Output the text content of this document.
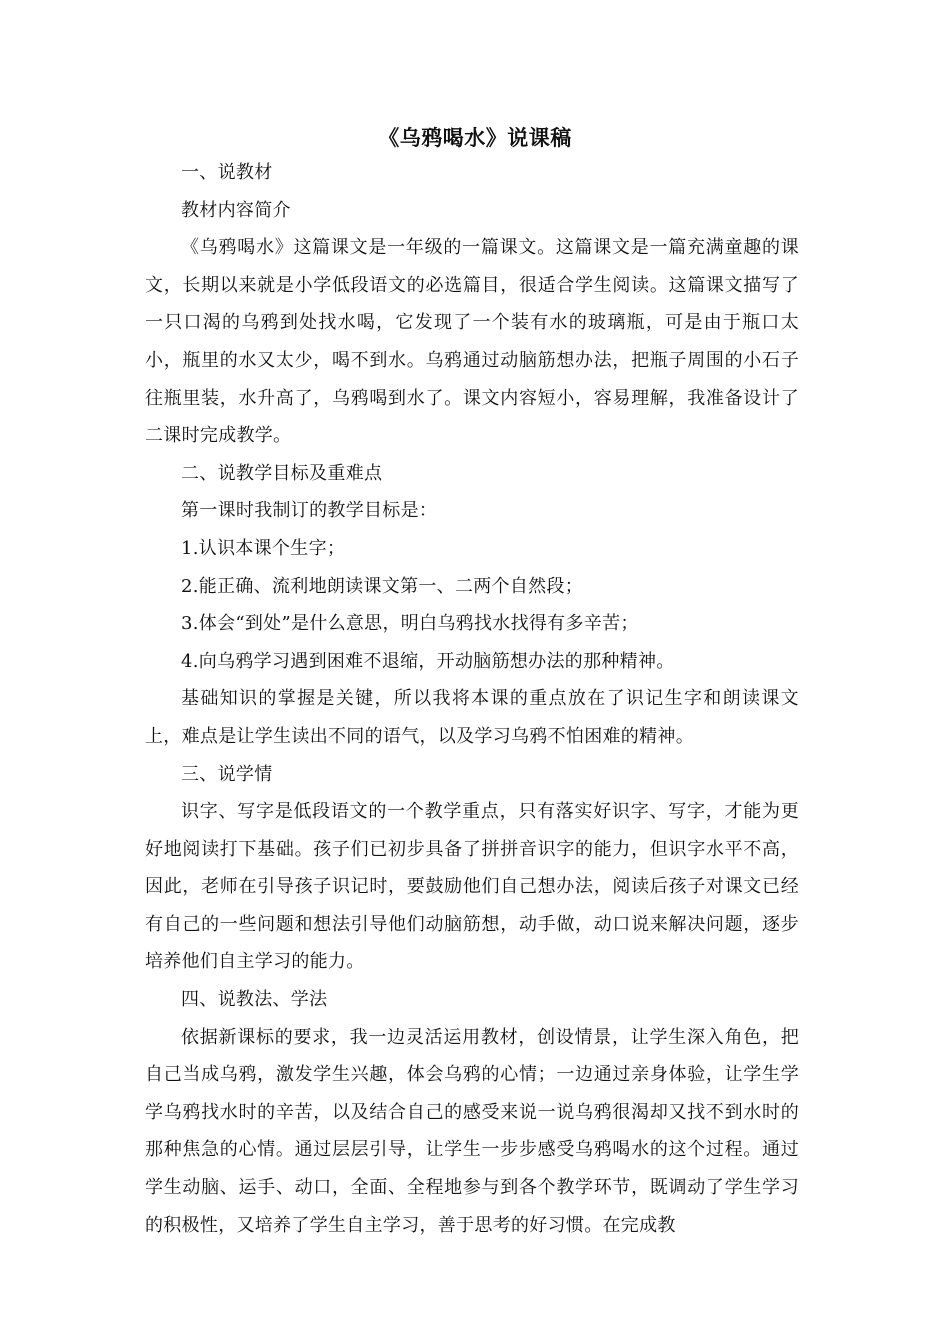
《乌鸦喝水》说课稿

一、说教材

教材内容简介

《乌鸦喝水》这篇课文是一年级的一篇课文。这篇课文是一篇充满童趣的课文，长期以来就是小学低段语文的必选篇目，很适合学生阅读。这篇课文描写了一只口渴的乌鸦到处找水喝，它发现了一个装有水的玻璃瓶，可是由于瓶口太小，瓶里的水又太少，喝不到水。乌鸦通过动脑筋想办法，把瓶子周围的小石子往瓶里装，水升高了，乌鸦喝到水了。课文内容短小，容易理解，我准备设计了二课时完成教学。

二、说教学目标及重难点

第一课时我制订的教学目标是：

1.认识本课个生字；

2.能正确、流利地朗读课文第一、二两个自然段；

3.体会“到处”是什么意思，明白乌鸦找水找得有多辛苦；

4.向乌鸦学习遇到困难不退缩，开动脑筋想办法的那种精神。

基础知识的掌握是关键，所以我将本课的重点放在了识记生字和朗读课文上，难点是让学生读出不同的语气，以及学习乌鸦不怕困难的精神。

三、说学情

识字、写字是低段语文的一个教学重点，只有落实好识字、写字，才能为更好地阅读打下基础。孩子们已初步具备了拼拼音识字的能力，但识字水平不高，因此，老师在引导孩子识记时，要鼓励他们自己想办法，阅读后孩子对课文已经有自己的一些问题和想法引导他们动脑筋想，动手做，动口说来解决问题，逐步培养他们自主学习的能力。

四、说教法、学法

依据新课标的要求，我一边灵活运用教材，创设情景，让学生深入角色，把自己当成乌鸦，激发学生兴趣，体会乌鸦的心情；一边通过亲身体验，让学生学学乌鸦找水时的辛苦，以及结合自己的感受来说一说乌鸦很渴却又找不到水时的那种焦急的心情。通过层层引导，让学生一步步感受乌鸦喝水的这个过程。通过学生动脑、运手、动口，全面、全程地参与到各个教学环节，既调动了学生学习的积极性，又培养了学生自主学习，善于思考的好习惯。在完成教
